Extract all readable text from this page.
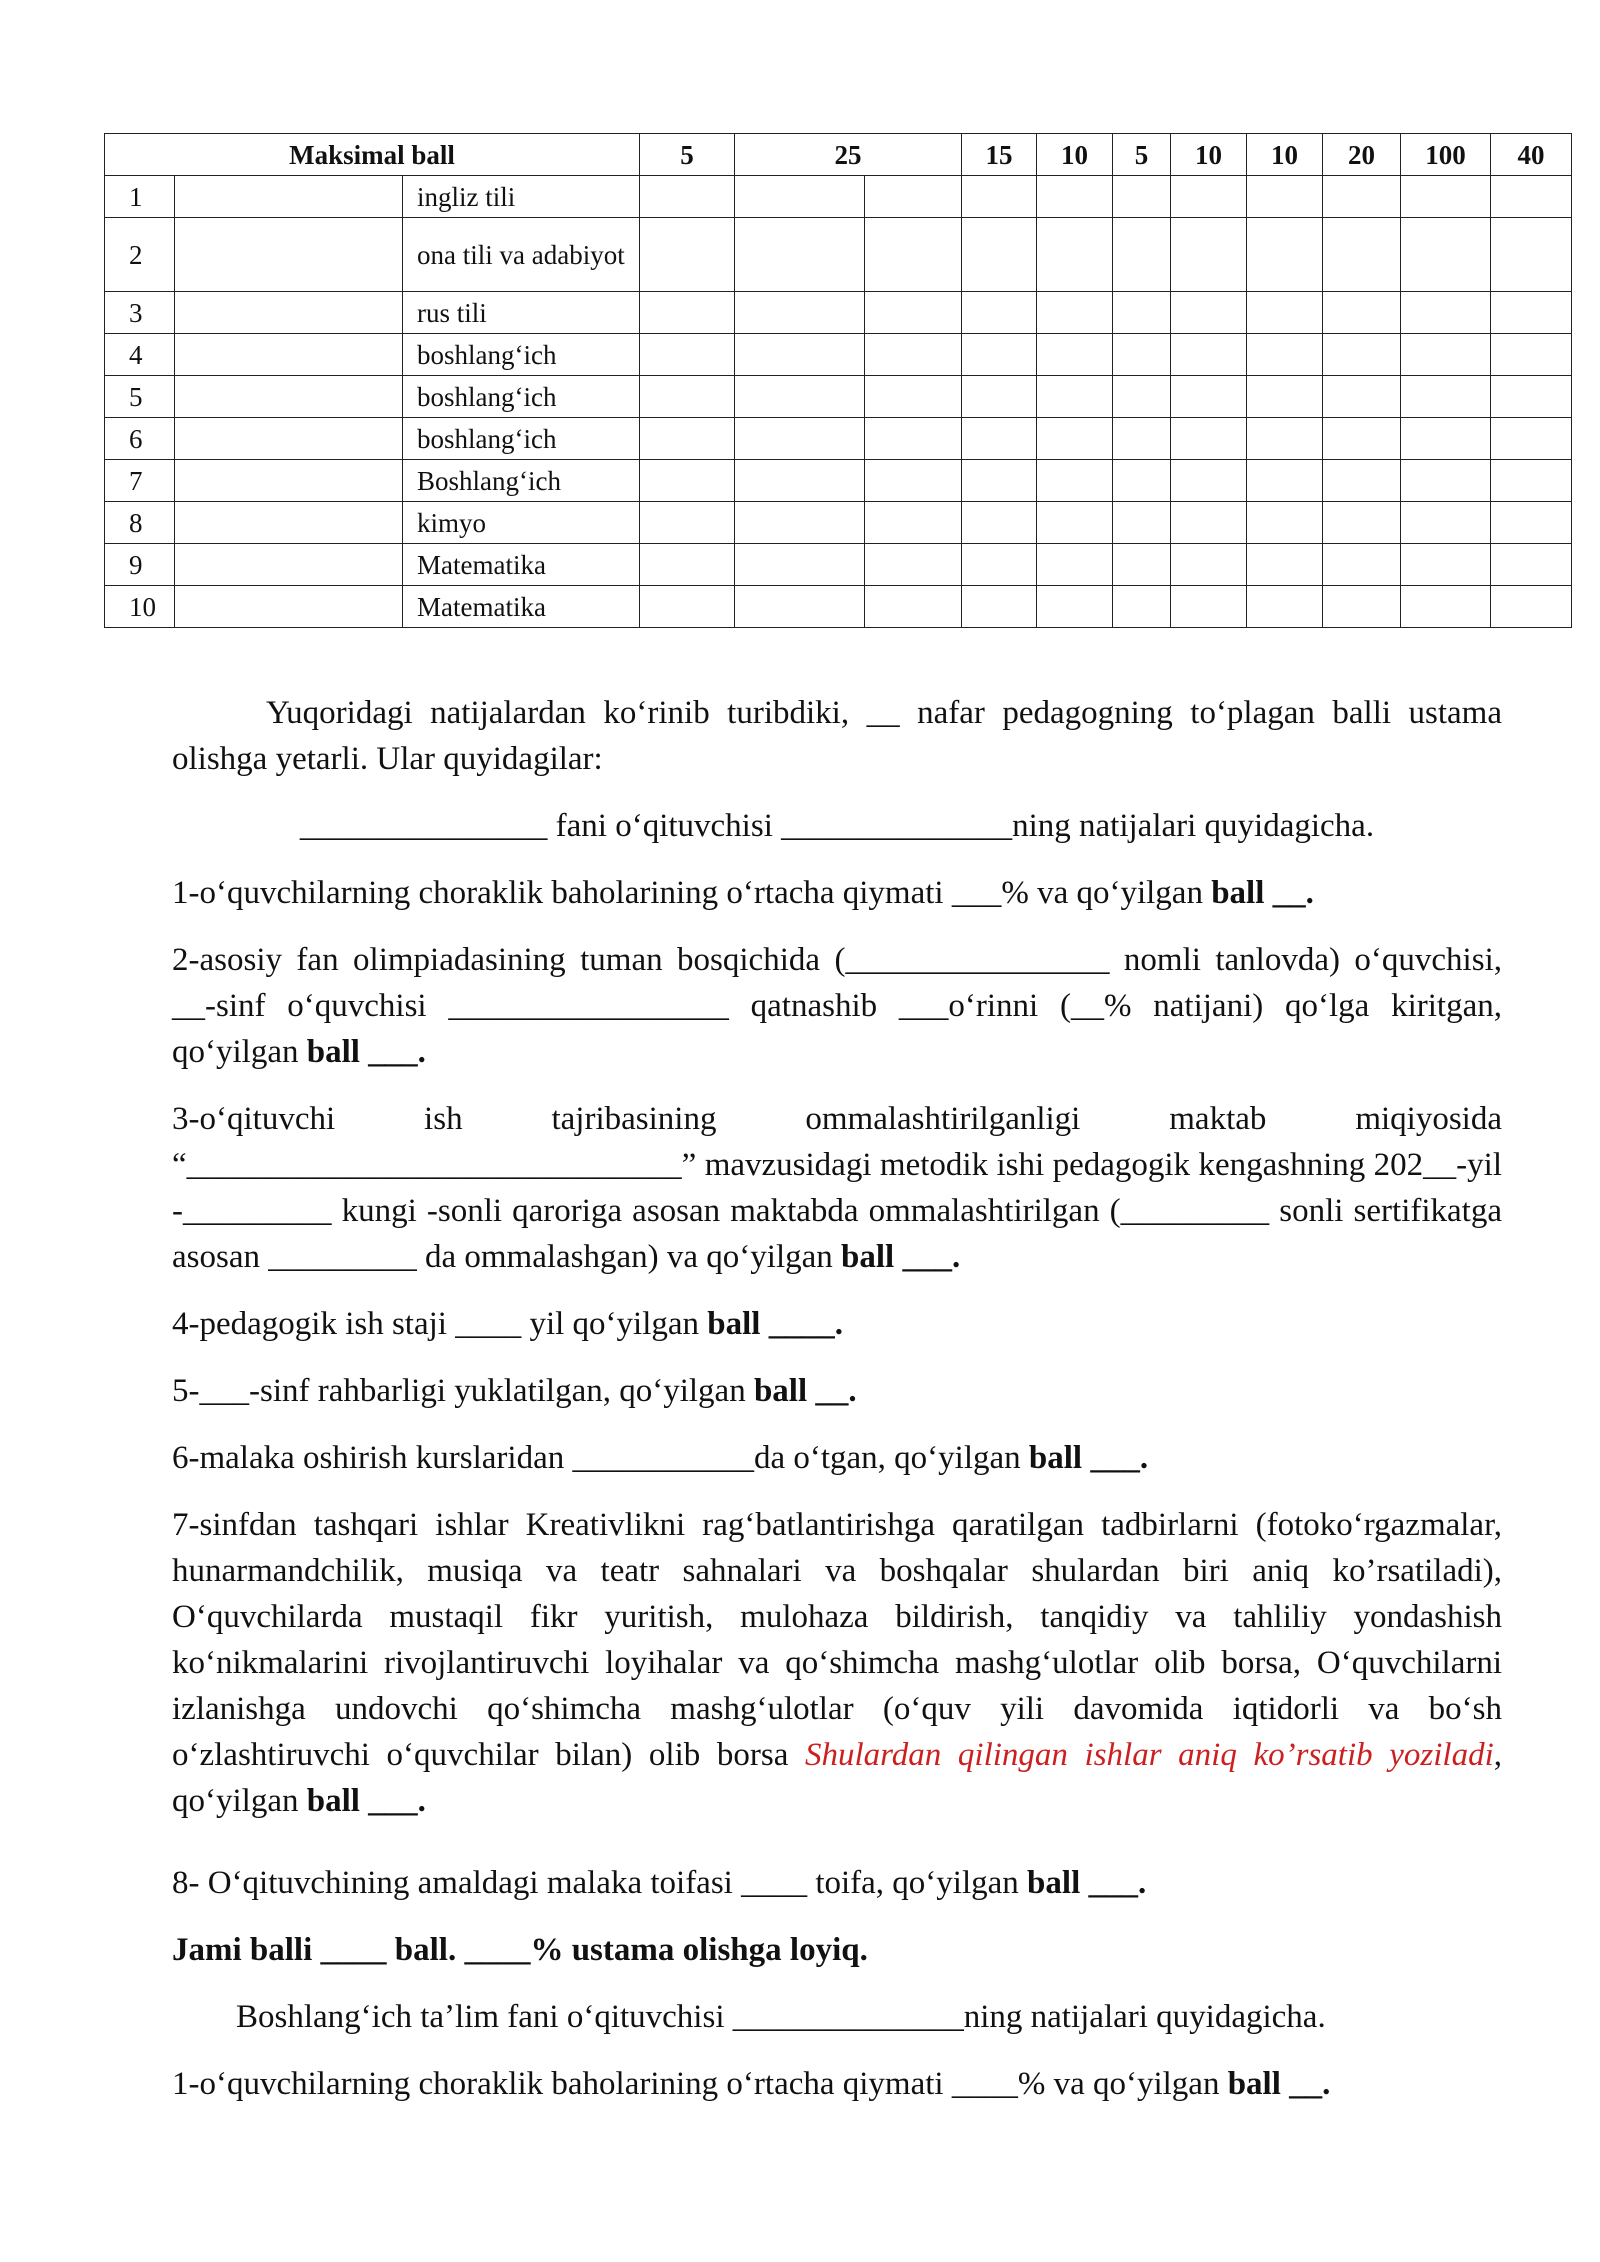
Maksimal ball			5	25		15	10	5	10	10	20	100	40
1		ingliz tili											
2		ona tili va adabiyot											
3		rus tili											
4		boshlang‘ich											
5		boshlang‘ich											
6		boshlang‘ich											
7		Boshlang‘ich											
8		kimyo											
9		Matematika											
10		Matematika											

Yuqoridagi natijalardan koʻrinib turibdiki, __ nafar pedagogning toʻplagan balli ustama olishga yetarli. Ular quyidagilar:

_______________ fani oʻqituvchisi ______________ning natijalari quyidagicha.

1-oʻquvchilarning choraklik baholarining oʻrtacha qiymati ___% va qoʻyilgan ball __.

2-asosiy fan olimpiadasining tuman bosqichida (________________ nomli tanlovda) oʻquvchisi, __-sinf oʻquvchisi _________________ qatnashib ___oʻrinni (__% natijani) qoʻlga kiritgan, qoʻyilgan ball ___.

3-oʻqituvchi ish tajribasining ommalashtirilganligi maktab miqiyosida “______________________________” mavzusidagi metodik ishi pedagogik kengashning 202__-yil -_________ kungi -sonli qaroriga asosan maktabda ommalashtirilgan (_________ sonli sertifikatga asosan _________ da ommalashgan) va qoʻyilgan ball ___.

4-pedagogik ish staji ____ yil qoʻyilgan ball ____.

5-___-sinf rahbarligi yuklatilgan, qoʻyilgan ball __.

6-malaka oshirish kurslaridan ___________da oʻtgan, qoʻyilgan ball ___.

7-sinfdan tashqari ishlar Kreativlikni ragʻbatlantirishga qaratilgan tadbirlarni (fotokoʻrgazmalar, hunarmandchilik, musiqa va teatr sahnalari va boshqalar shulardan biri aniq ko’rsatiladi), Oʻquvchilarda mustaqil fikr yuritish, mulohaza bildirish, tanqidiy va tahliliy yondashish koʻnikmalarini rivojlantiruvchi loyihalar va qoʻshimcha mashgʻulotlar olib borsa, Oʻquvchilarni izlanishga undovchi qoʻshimcha mashgʻulotlar (oʻquv yili davomida iqtidorli va boʻsh oʻzlashtiruvchi oʻquvchilar bilan) olib borsa Shulardan qilingan ishlar aniq ko’rsatib yoziladi, qoʻyilgan ball ___.

8- Oʻqituvchining amaldagi malaka toifasi ____ toifa, qoʻyilgan ball ___.

Jami balli ____ ball. ____% ustama olishga loyiq.

Boshlangʻich taʼlim fani oʻqituvchisi ______________ning natijalari quyidagicha.

1-oʻquvchilarning choraklik baholarining oʻrtacha qiymati ____% va qoʻyilgan ball __.
